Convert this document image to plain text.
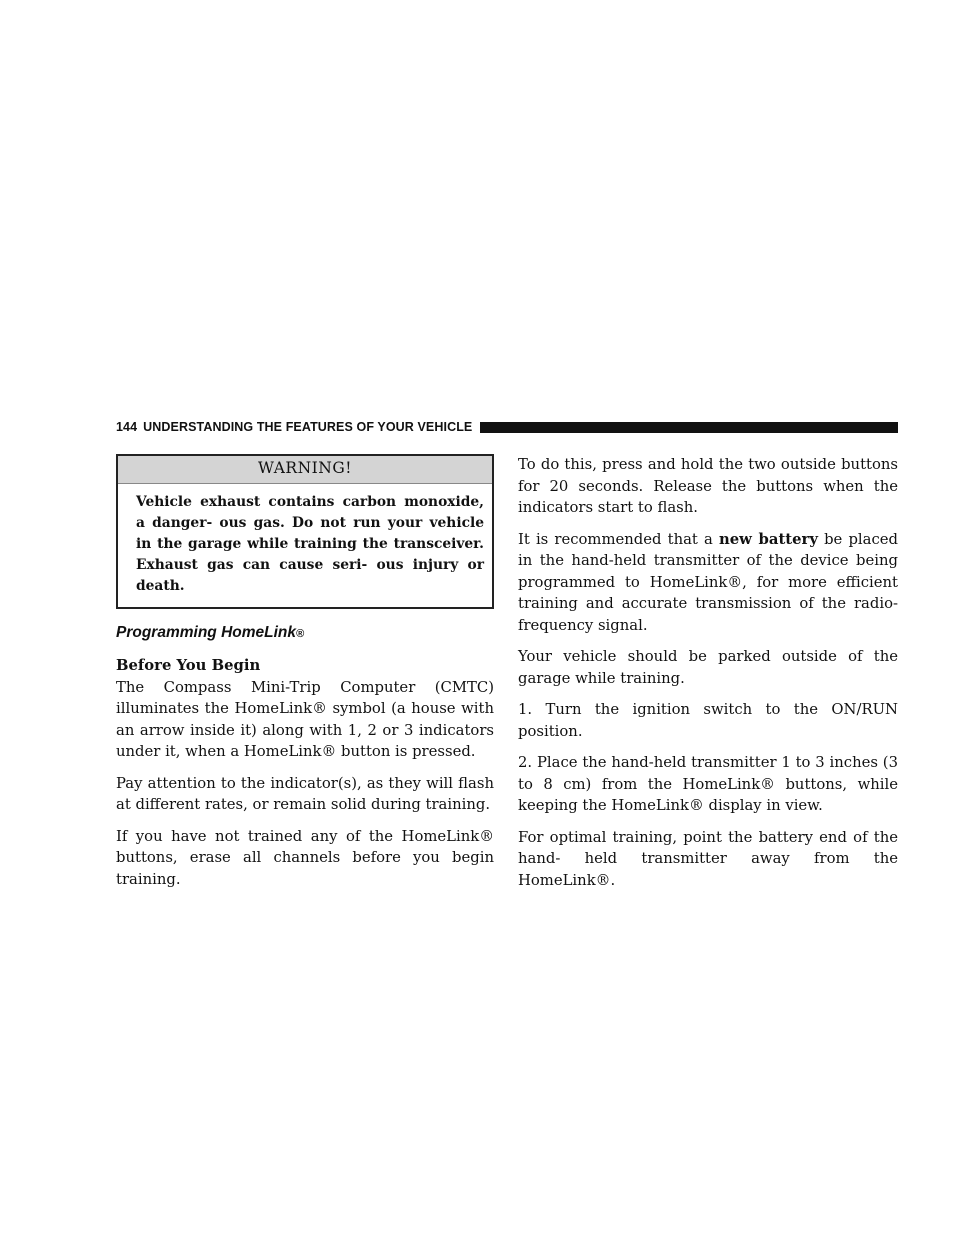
144 UNDERSTANDING THE FEATURES OF YOUR VEHICLE
WARNING!
Vehicle exhaust contains carbon monoxide, a danger- ous gas. Do not run your vehicle in the garage while training the transceiver. Exhaust gas can cause seri- ous injury or death.
Programming HomeLink®
Before You Begin

The Compass Mini-Trip Computer (CMTC) illuminates the HomeLink® symbol (a house with an arrow inside it) along with 1, 2 or 3 indicators under it, when a HomeLink® button is pressed.

Pay attention to the indicator(s), as they will flash at different rates, or remain solid during training.

If you have not trained any of the HomeLink® buttons, erase all channels before you begin training.

To do this, press and hold the two outside buttons for 20 seconds. Release the buttons when the indicators start to flash.

It is recommended that a new battery be placed in the hand-held transmitter of the device being programmed to HomeLink®, for more efficient training and accurate transmission of the radio-frequency signal.

Your vehicle should be parked outside of the garage while training.

1. Turn the ignition switch to the ON/RUN position.

2. Place the hand-held transmitter 1 to 3 inches (3 to 8 cm) from the HomeLink® buttons, while keeping the HomeLink® display in view.

For optimal training, point the battery end of the hand- held transmitter away from the HomeLink®.
